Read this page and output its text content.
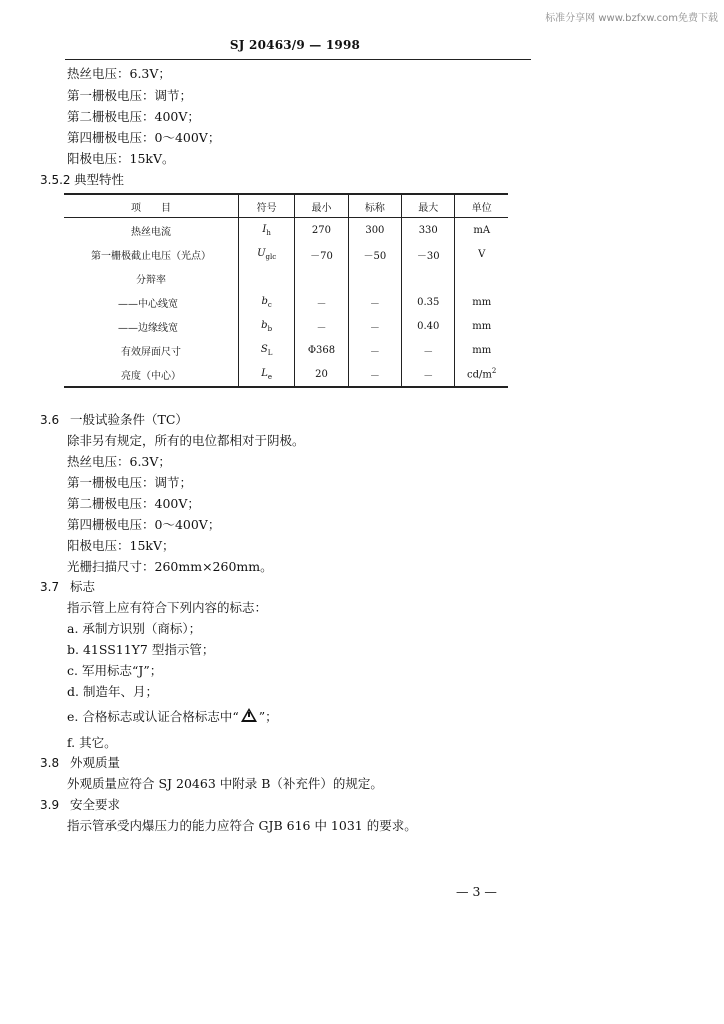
标准分享网 www.bzfxw.com免费下载
SJ 20463/9 — 1998
热丝电压：6.3V；
第一栅极电压：调节；
第二栅极电压：400V；
第四栅极电压：0～400V；
阳极电压：15kV。
3.5.2 典型特性
项　　目	符号	最小	标称	最大	单位
热丝电流	$I_h$	270	300	330	mA
第一栅极截止电压（光点）	$U_{glc}$	－70	－50	－30	V
分辩率					
——中心线宽	$b_c$	－	－	0.35	mm
——边缘线宽	$b_b$	－	－	0.40	mm
有效屏面尺寸	$S_L$	Φ368	－	－	mm
亮度（中心）	$L_e$	20	－	－	$cd/m^2$
3.6 一般试验条件（TC）
除非另有规定，所有的电位都相对于阴极。
热丝电压：6.3V；
第一栅极电压：调节；
第二栅极电压：400V；
第四栅极电压：0～400V；
阳极电压：15kV；
光栅扫描尺寸：260mm×260mm。
3.7 标志
指示管上应有符合下列内容的标志：
a. 承制方识别（商标）；
b. 41SS11Y7 型指示管；
c. 军用标志“J”；
d. 制造年、月；
e. 合格标志或认证合格标志中“ ”；
f. 其它。
3.8 外观质量
外观质量应符合 SJ 20463 中附录 B（补充件）的规定。
3.9 安全要求
指示管承受内爆压力的能力应符合 GJB 616 中 1031 的要求。
— 3 —
